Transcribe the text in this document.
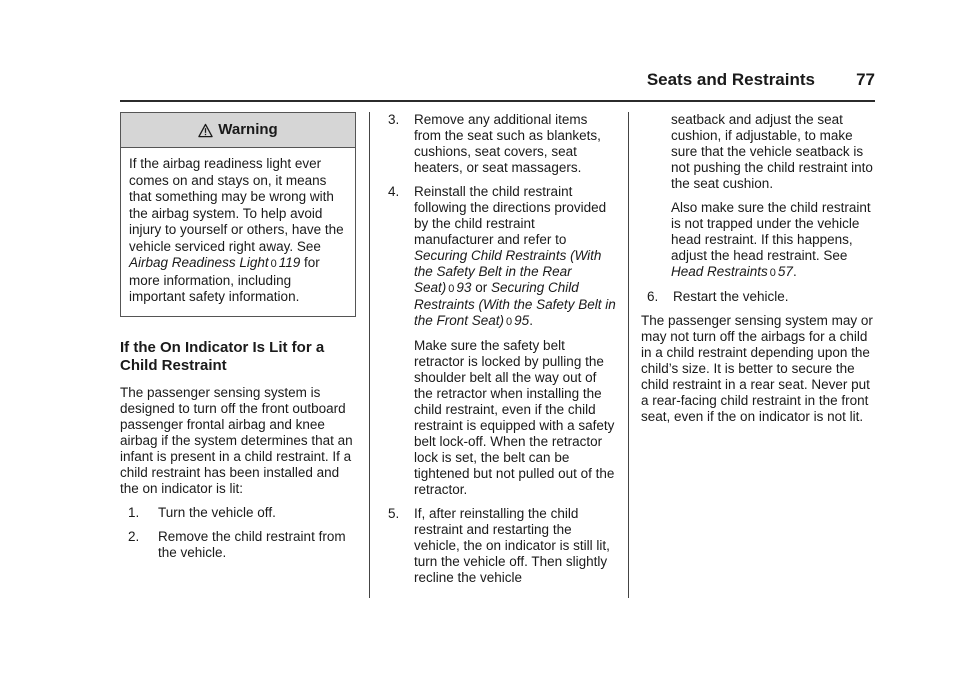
Seats and Restraints 77
Warning

If the airbag readiness light ever comes on and stays on, it means that something may be wrong with the airbag system. To help avoid injury to yourself or others, have the vehicle serviced right away. See Airbag Readiness Light 0 119 for more information, including important safety information.

If the On Indicator Is Lit for a Child Restraint

The passenger sensing system is designed to turn off the front outboard passenger frontal airbag and knee airbag if the system determines that an infant is present in a child restraint. If a child restraint has been installed and the on indicator is lit:

1.	Turn the vehicle off.
2.	Remove the child restraint from the vehicle.
3.	Remove any additional items from the seat such as blankets, cushions, seat covers, seat heaters, or seat massagers.
4.	Reinstall the child restraint following the directions provided by the child restraint manufacturer and refer to Securing Child Restraints (With the Safety Belt in the Rear Seat) 0 93 or Securing Child Restraints (With the Safety Belt in the Front Seat) 0 95.

Make sure the safety belt retractor is locked by pulling the shoulder belt all the way out of the retractor when installing the child restraint, even if the child restraint is equipped with a safety belt lock-off. When the retractor lock is set, the belt can be tightened but not pulled out of the retractor.

5.	If, after reinstalling the child restraint and restarting the vehicle, the on indicator is still lit, turn the vehicle off. Then slightly recline the vehicle

seatback and adjust the seat cushion, if adjustable, to make sure that the vehicle seatback is not pushing the child restraint into the seat cushion.

Also make sure the child restraint is not trapped under the vehicle head restraint. If this happens, adjust the head restraint. See Head Restraints 0 57.

6.	Restart the vehicle.

The passenger sensing system may or may not turn off the airbags for a child in a child restraint depending upon the child’s size. It is better to secure the child restraint in a rear seat. Never put a rear-facing child restraint in the front seat, even if the on indicator is not lit.
